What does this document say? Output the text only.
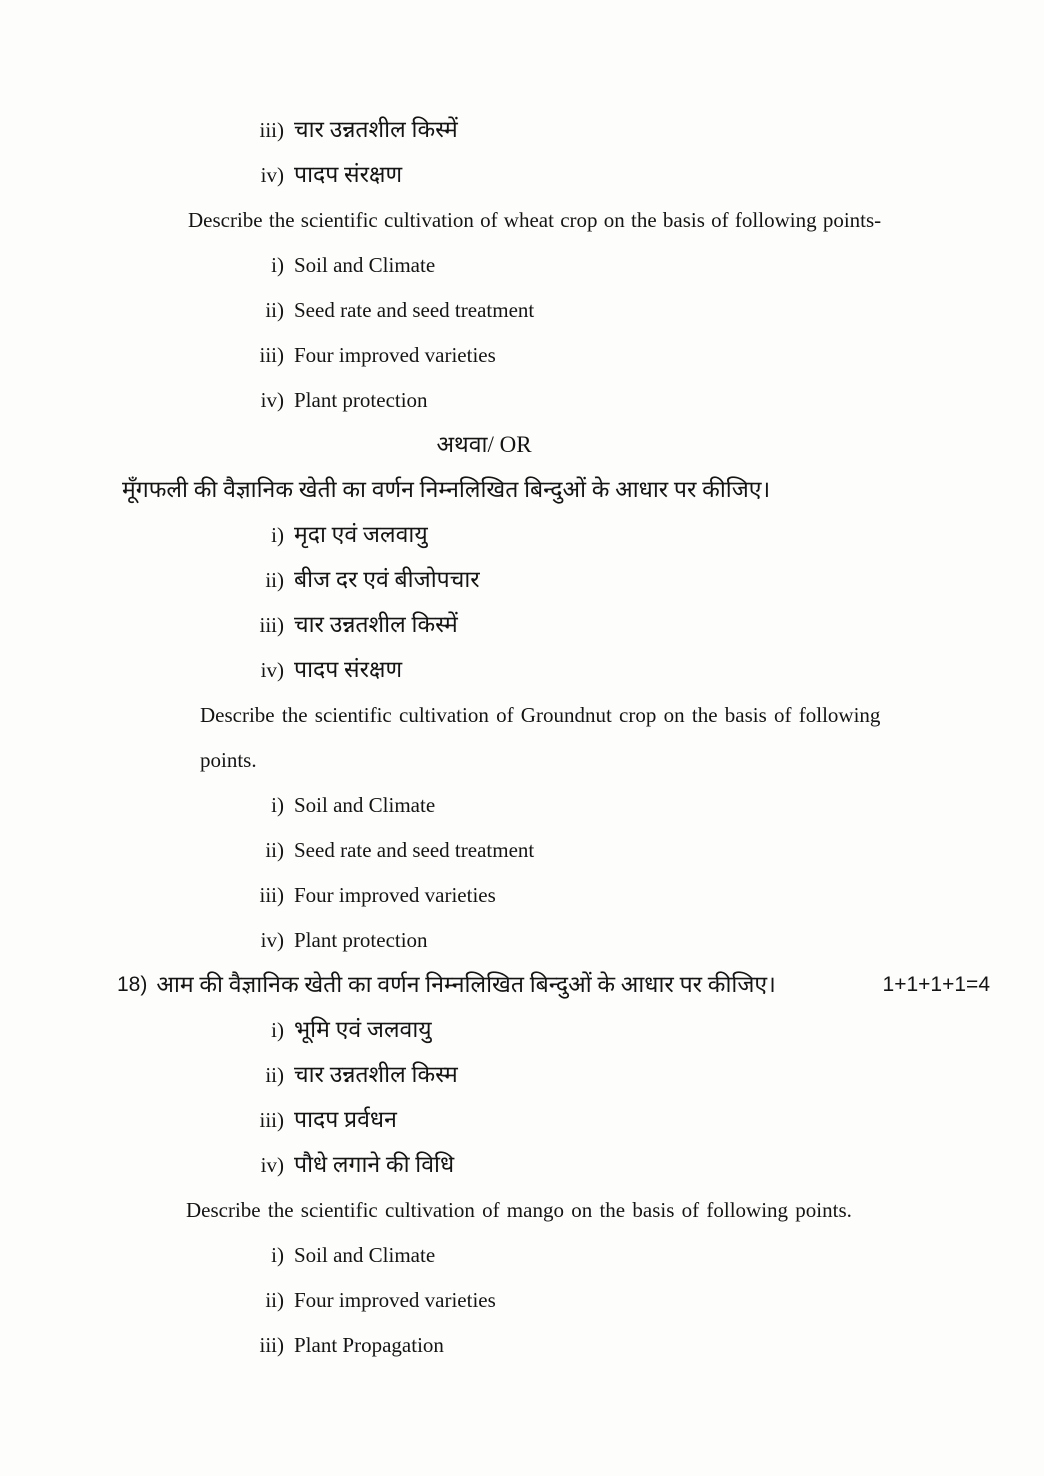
iii) चार उन्नतशील किस्में
iv) पादप संरक्षण
Describe the scientific cultivation of wheat crop on the basis of following points-
i) Soil and Climate
ii) Seed rate and seed treatment
iii) Four improved varieties
iv) Plant protection
अथवा/ OR
मूँगफली की वैज्ञानिक खेती का वर्णन निम्नलिखित बिन्दुओं के आधार पर कीजिए।
i) मृदा एवं जलवायु
ii) बीज दर एवं बीजोपचार
iii) चार उन्नतशील किस्में
iv) पादप संरक्षण
Describe the scientific cultivation of Groundnut crop on the basis of following
points.
i) Soil and Climate
ii) Seed rate and seed treatment
iii) Four improved varieties
iv) Plant protection
18) आम की वैज्ञानिक खेती का वर्णन निम्नलिखित बिन्दुओं के आधार पर कीजिए।	1+1+1+1=4
i) भूमि एवं जलवायु
ii) चार उन्नतशील किस्म
iii) पादप प्रर्वधन
iv) पौधे लगाने की विधि
Describe the scientific cultivation of mango on the basis of following points.
i) Soil and Climate
ii) Four improved varieties
iii) Plant Propagation
